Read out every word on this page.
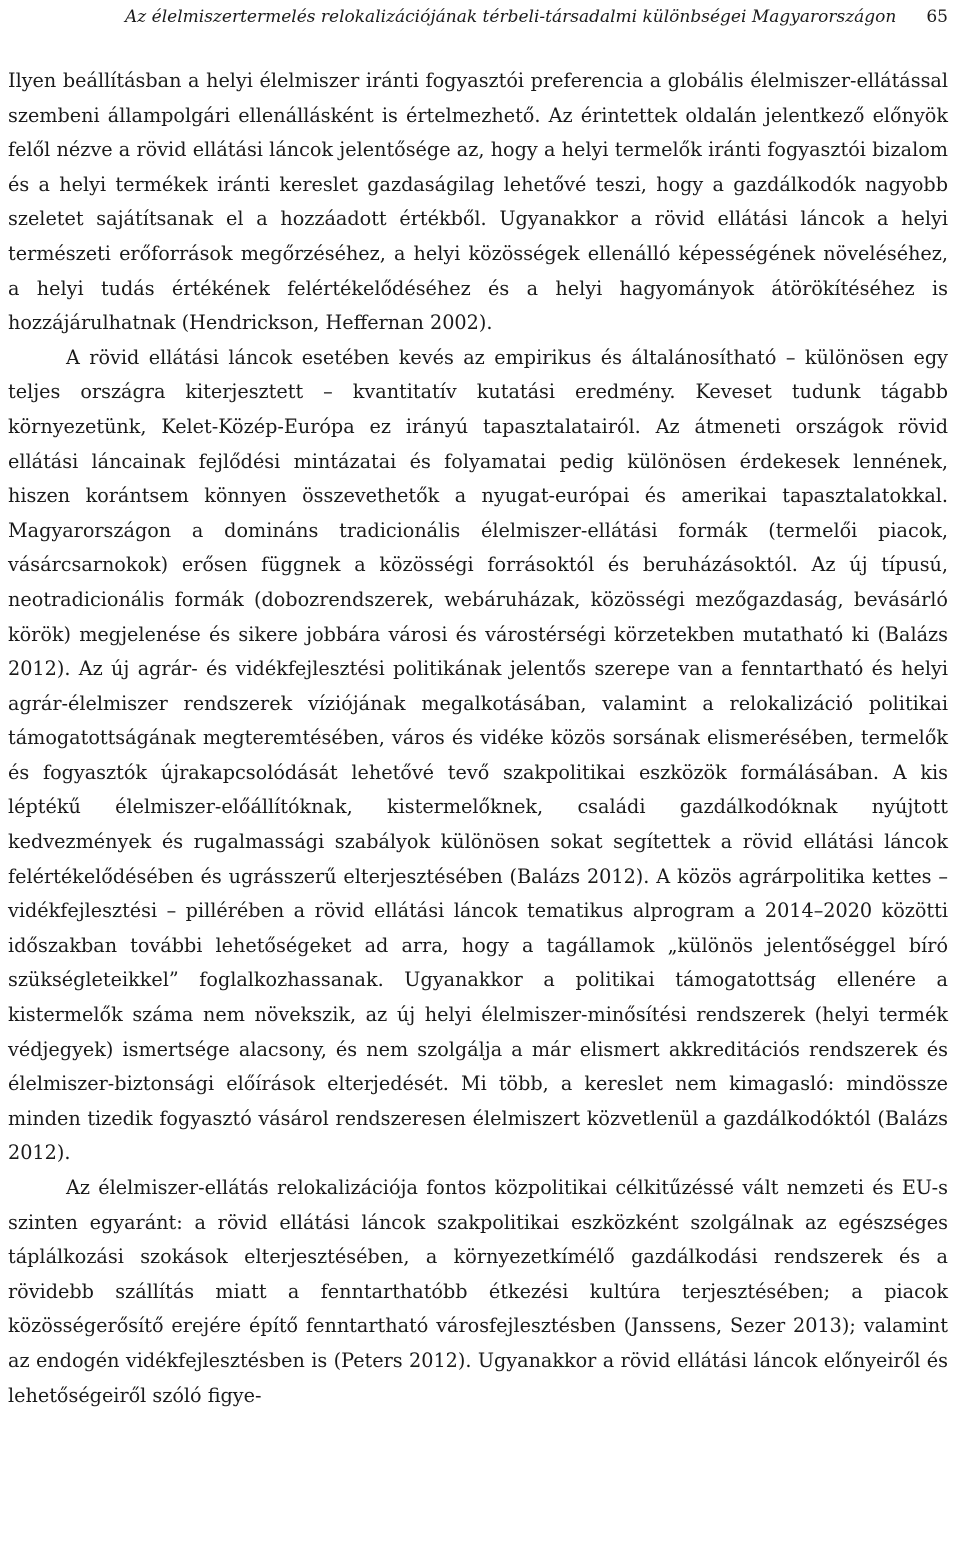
Az élelmiszertermelés relokalizációjának térbeli-társadalmi különbségei Magyarországon	65

Ilyen beállításban a helyi élelmiszer iránti fogyasztói preferencia a globális élelmiszer-ellátással szembeni állampolgári ellenállásként is értelmezhető. Az érintettek oldalán jelentkező előnyök felől nézve a rövid ellátási láncok jelentősége az, hogy a helyi termelők iránti fogyasztói bizalom és a helyi termékek iránti kereslet gazdaságilag lehetővé teszi, hogy a gazdálkodók nagyobb szeletet sajátítsanak el a hozzáadott értékből. Ugyanakkor a rövid ellátási láncok a helyi természeti erőforrások megőrzéséhez, a helyi közösségek ellenálló képességének növeléséhez, a helyi tudás értékének felértékelődéséhez és a helyi hagyományok átörökítéséhez is hozzájárulhatnak (Hendrickson, Heffernan 2002).

A rövid ellátási láncok esetében kevés az empirikus és általánosítható – különösen egy teljes országra kiterjesztett – kvantitatív kutatási eredmény. Keveset tudunk tágabb környezetünk, Kelet-Közép-Európa ez irányú tapasztalatairól. Az átmeneti országok rövid ellátási láncainak fejlődési mintázatai és folyamatai pedig különösen érdekesek lennének, hiszen korántsem könnyen összevethetők a nyugat-európai és amerikai tapasztalatokkal. Magyarországon a domináns tradicionális élelmiszer-ellátási formák (termelői piacok, vásárcsarnokok) erősen függnek a közösségi forrásoktól és beruházásoktól. Az új típusú, neotradicionális formák (dobozrendszerek, webáruházak, közösségi mezőgazdaság, bevásárló körök) megjelenése és sikere jobbára városi és várostérségi körzetekben mutatható ki (Balázs 2012). Az új agrár- és vidékfejlesztési politikának jelentős szerepe van a fenntartható és helyi agrár-élelmiszer rendszerek víziójának megalkotásában, valamint a relokalizáció politikai támogatottságának megteremtésében, város és vidéke közös sorsának elismerésében, termelők és fogyasztók újrakapcsolódását lehetővé tevő szakpolitikai eszközök formálásában. A kis léptékű élelmiszer-előállítóknak, kistermelőknek, családi gazdálkodóknak nyújtott kedvezmények és rugalmassági szabályok különösen sokat segítettek a rövid ellátási láncok felértékelődésében és ugrásszerű elterjesztésében (Balázs 2012). A közös agrárpolitika kettes – vidékfejlesztési – pillérében a rövid ellátási láncok tematikus alprogram a 2014–2020 közötti időszakban további lehetőségeket ad arra, hogy a tagállamok „különös jelentőséggel bíró szükségleteikkel” foglalkozhassanak. Ugyanakkor a politikai támogatottság ellenére a kistermelők száma nem növekszik, az új helyi élelmiszer-minősítési rendszerek (helyi termék védjegyek) ismertsége alacsony, és nem szolgálja a már elismert akkreditációs rendszerek és élelmiszer-biztonsági előírások elterjedését. Mi több, a kereslet nem kimagasló: mindössze minden tizedik fogyasztó vásárol rendszeresen élelmiszert közvetlenül a gazdálkodóktól (Balázs 2012).

Az élelmiszer-ellátás relokalizációja fontos közpolitikai célkitűzéssé vált nemzeti és EU-s szinten egyaránt: a rövid ellátási láncok szakpolitikai eszközként szolgálnak az egészséges táplálkozási szokások elterjesztésében, a környezetkímélő gazdálkodási rendszerek és a rövidebb szállítás miatt a fenntarthatóbb étkezési kultúra terjesztésében; a piacok közösségerősítő erejére építő fenntartható városfejlesztésben (Janssens, Sezer 2013); valamint az endogén vidékfejlesztésben is (Peters 2012). Ugyanakkor a rövid ellátási láncok előnyeiről és lehetőségeiről szóló figye-
